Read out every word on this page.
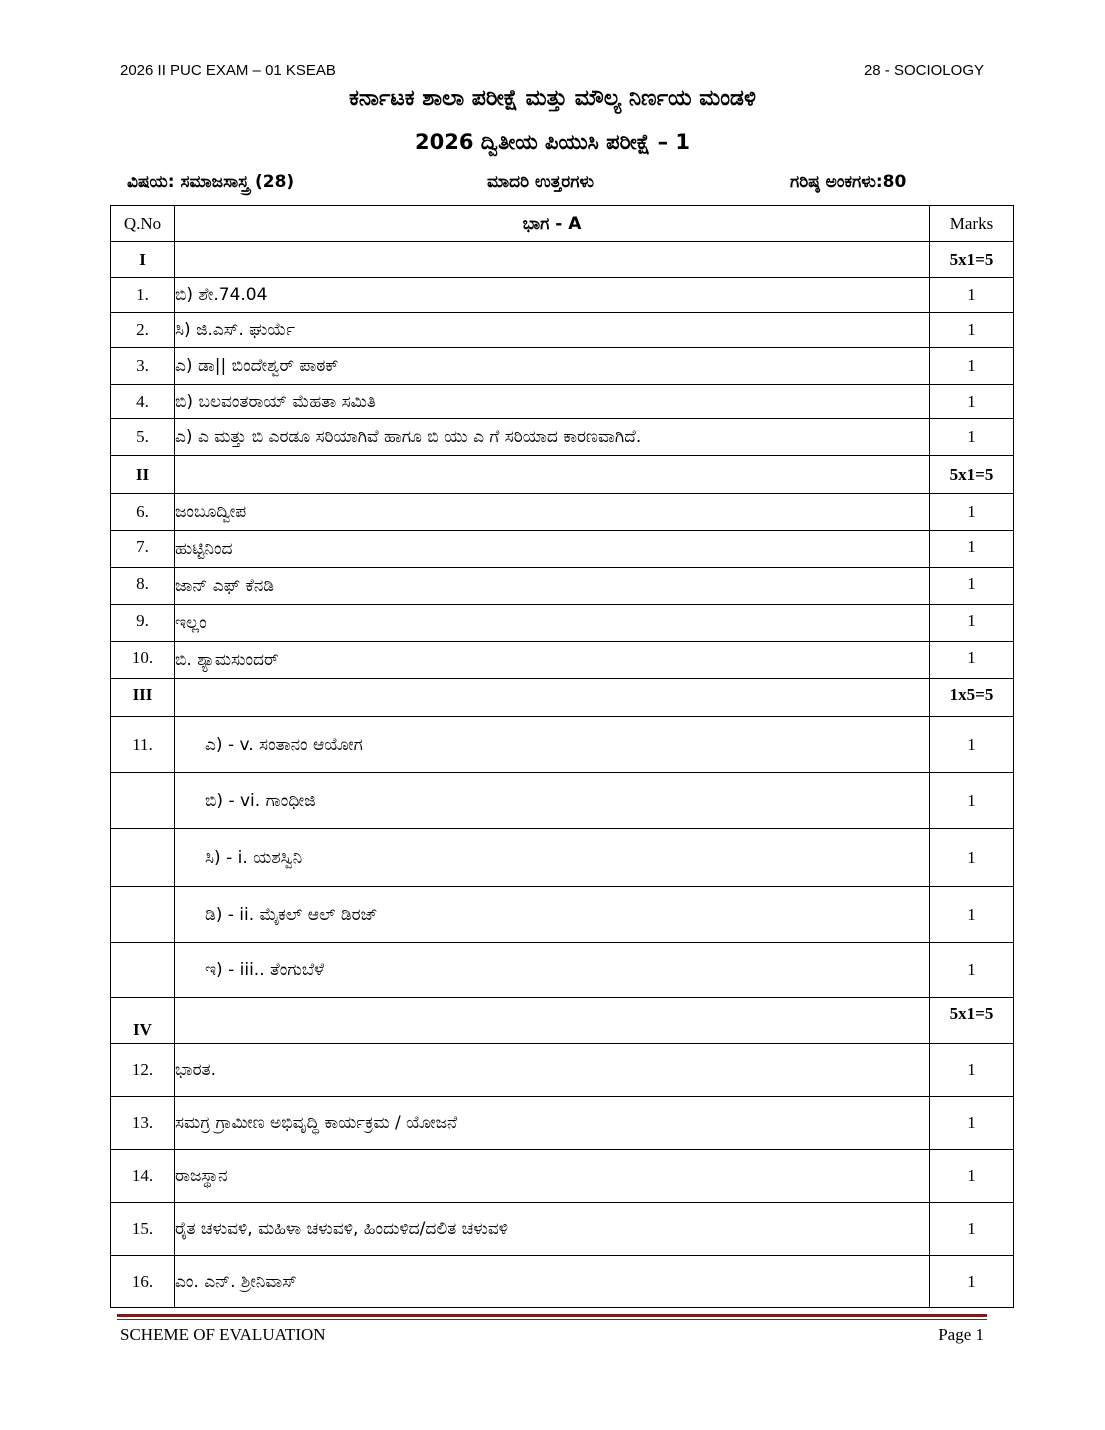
2026 II PUC EXAM – 01 KSEAB	28 - SOCIOLOGY
ಕರ್ನಾಟಕ ಶಾಲಾ ಪರೀಕ್ಷೆ ಮತ್ತು ಮೌಲ್ಯ ನಿರ್ಣಯ ಮಂಡಳಿ
2026 ದ್ವಿತೀಯ ಪಿಯುಸಿ ಪರೀಕ್ಷೆ – 1
ವಿಷಯ: ಸಮಾಜಸಾಸ್ತ್ರ (28)	ಮಾದರಿ ಉತ್ತರಗಳು	ಗರಿಷ್ಠ ಅಂಕಗಳು:80
Q.No	ಭಾಗ - A	Marks
I		5x1=5
1.	ಬಿ) ಶೇ.74.04	1
2.	ಸಿ) ಜಿ.ಎಸ್. ಘುರ್ಯೆ	1
3.	ಎ) ಡಾ|| ಬಿಂದೇಶ್ವರ್ ಪಾಠಕ್	1
4.	ಬಿ) ಬಲವಂತರಾಯ್ ಮೆಹತಾ ಸಮಿತಿ	1
5.	ಎ) ಎ ಮತ್ತು ಬಿ ಎರಡೂ ಸರಿಯಾಗಿವೆ ಹಾಗೂ ಬಿ ಯು ಎ ಗೆ ಸರಿಯಾದ ಕಾರಣವಾಗಿದೆ.	1
II		5x1=5
6.	ಜಂಬೂದ್ವೀಪ	1
7.	ಹುಟ್ಟಿನಿಂದ	1
8.	ಜಾನ್ ಎಫ್ ಕೆನಡಿ	1
9.	ಇಲ್ಲಂ	1
10.	ಬಿ. ಶ್ಯಾಮಸುಂದರ್	1
III		1x5=5
11.	ಎ) - v. ಸಂತಾನಂ ಆಯೋಗ	1
	ಬಿ) - vi. ಗಾಂಧೀಜಿ	1
	ಸಿ) - i. ಯಶಸ್ವಿನಿ	1
	ಡಿ) - ii. ಮೈಕಲ್ ಆಲ್ ಡಿರಜ್	1
	ಇ) - iii.. ತೆಂಗುಬೆಳೆ	1
IV		5x1=5
12.	ಭಾರತ.	1
13.	ಸಮಗ್ರ ಗ್ರಾಮೀಣ ಅಭಿವೃದ್ಧಿ ಕಾರ್ಯಕ್ರಮ / ಯೋಜನೆ	1
14.	ರಾಜಸ್ಥಾನ	1
15.	ರೈತ ಚಳುವಳಿ, ಮಹಿಳಾ ಚಳುವಳಿ, ಹಿಂದುಳಿದ/ದಲಿತ ಚಳುವಳಿ	1
16.	ಎಂ. ಎನ್. ಶ್ರೀನಿವಾಸ್	1
SCHEME OF EVALUATION	Page 1
